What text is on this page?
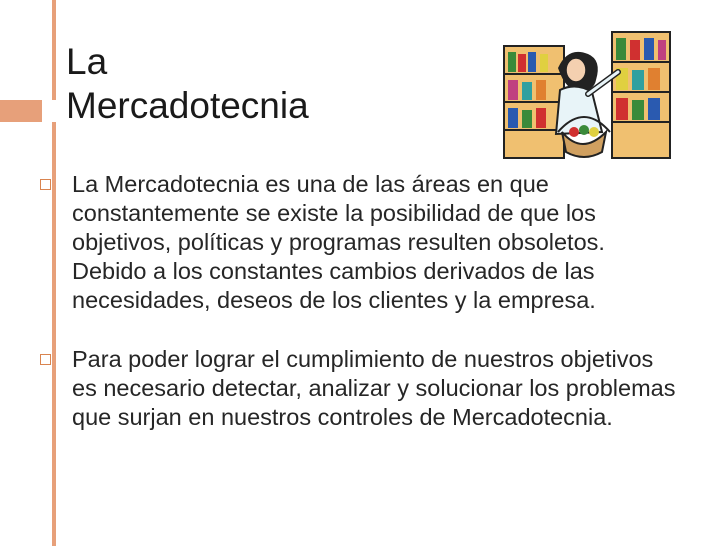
La
Mercadotecnia
La Mercadotecnia es una de las áreas en que constantemente se existe la posibilidad de que los objetivos, políticas y programas resulten obsoletos. Debido a los constantes cambios derivados de las necesidades, deseos de los clientes y la empresa.
Para poder lograr el cumplimiento de nuestros objetivos es necesario detectar, analizar y solucionar los problemas que surjan en nuestros controles de Mercadotecnia.
